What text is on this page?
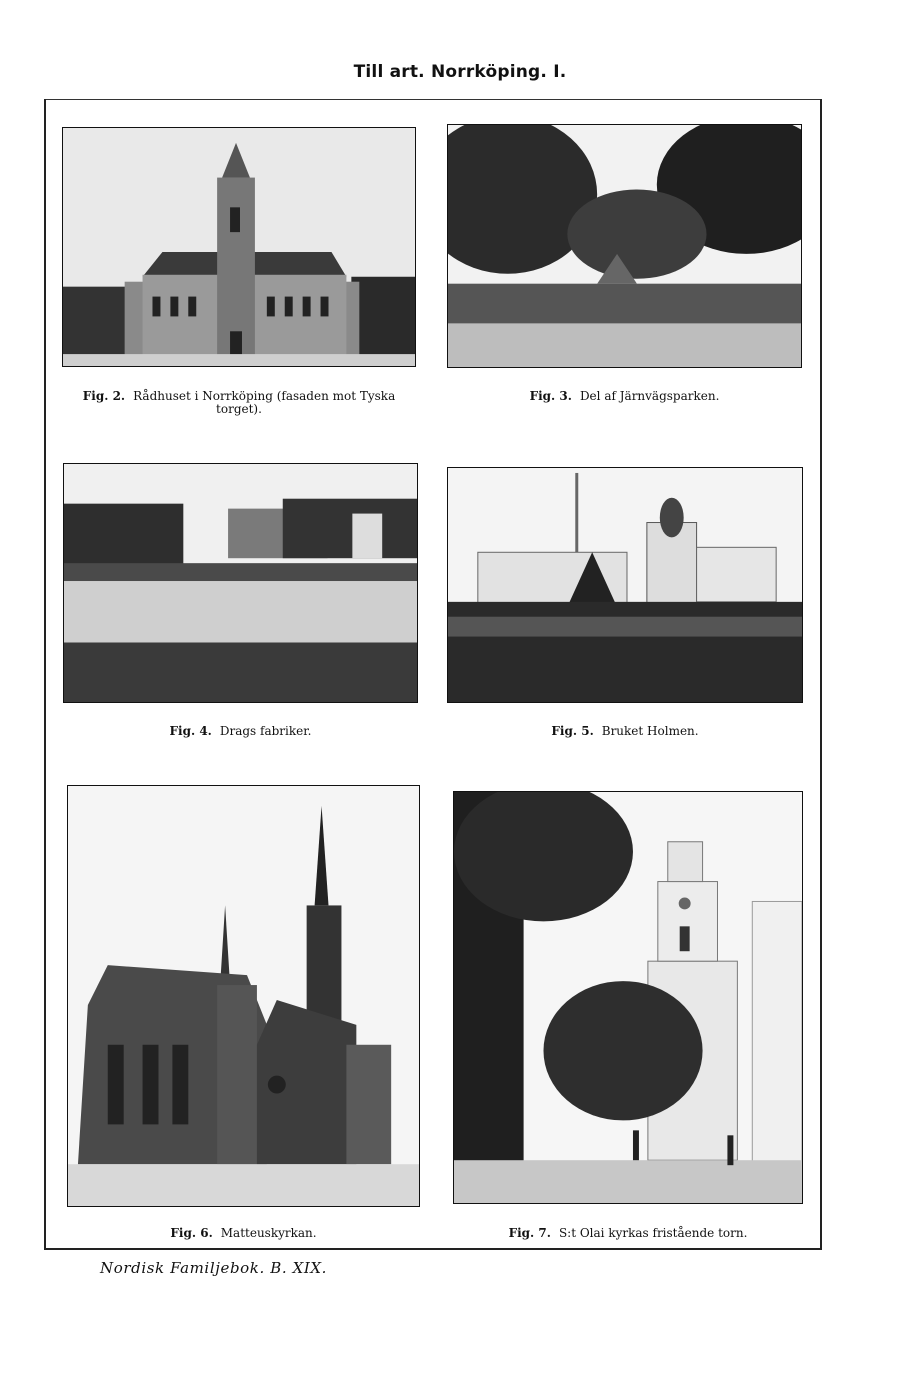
Till art. Norrköping. I.
Fig. 2. Rådhuset i Norrköping (fasaden mot Tyska torget).
Fig. 3. Del af Järnvägsparken.
Fig. 4. Drags fabriker.	Fig. 5. Bruket Holmen.
Fig. 6. Matteuskyrkan.	Fig. 7. S:t Olai kyrkas fristående torn.
Nordisk Familjebok. B. XIX.
